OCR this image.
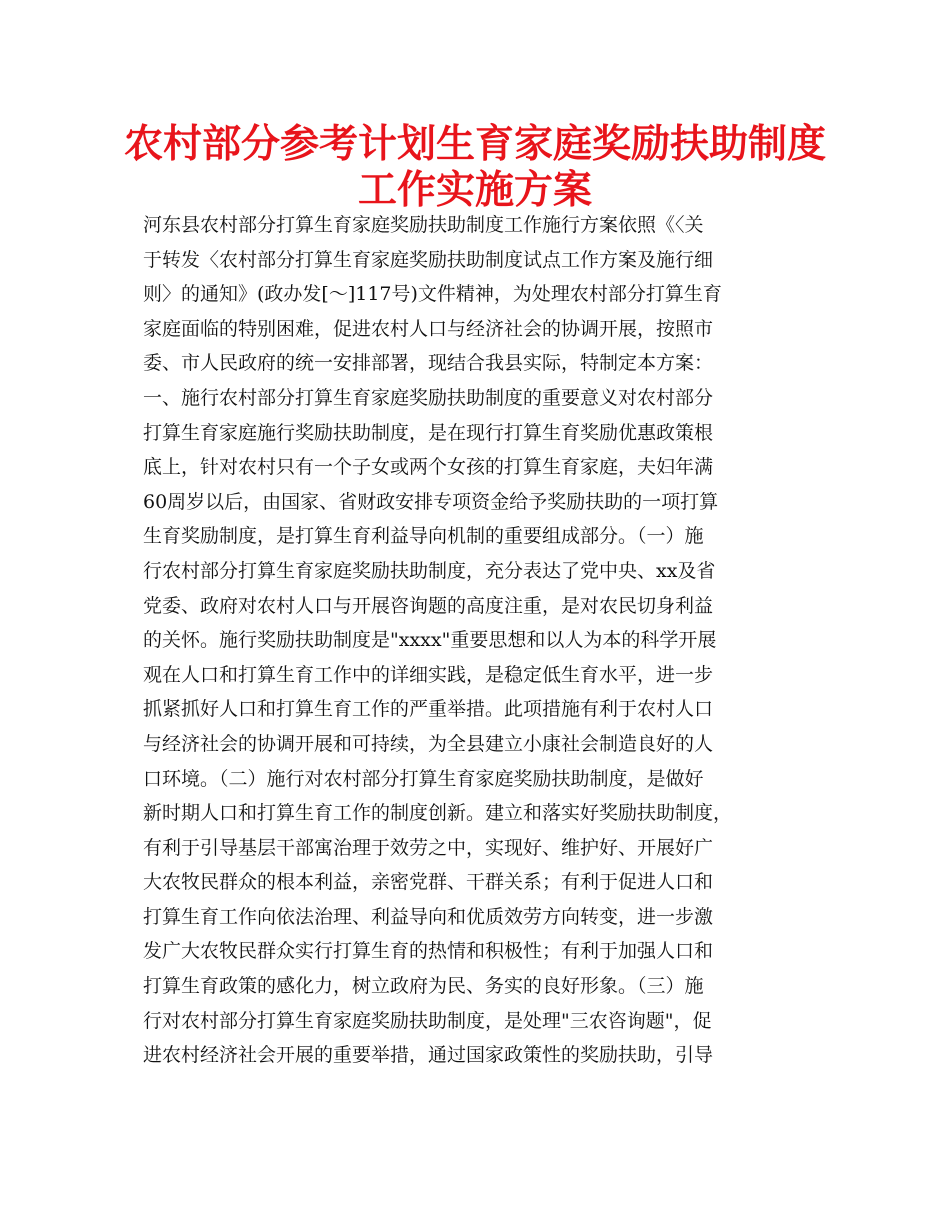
农村部分参考计划生育家庭奖励扶助制度
工作实施方案
河东县农村部分打算生育家庭奖励扶助制度工作施行方案依照《〈关
于转发〈农村部分打算生育家庭奖励扶助制度试点工作方案及施行细
则〉的通知》(政办发[～]117号)文件精神，为处理农村部分打算生育
家庭面临的特别困难，促进农村人口与经济社会的协调开展，按照市
委、市人民政府的统一安排部署，现结合我县实际，特制定本方案：
一、施行农村部分打算生育家庭奖励扶助制度的重要意义对农村部分
打算生育家庭施行奖励扶助制度，是在现行打算生育奖励优惠政策根
底上，针对农村只有一个子女或两个女孩的打算生育家庭，夫妇年满
60周岁以后，由国家、省财政安排专项资金给予奖励扶助的一项打算
生育奖励制度，是打算生育利益导向机制的重要组成部分。（一）施
行农村部分打算生育家庭奖励扶助制度，充分表达了党中央、xx及省
党委、政府对农村人口与开展咨询题的高度注重，是对农民切身利益
的关怀。施行奖励扶助制度是"xxxx"重要思想和以人为本的科学开展
观在人口和打算生育工作中的详细实践，是稳定低生育水平，进一步
抓紧抓好人口和打算生育工作的严重举措。此项措施有利于农村人口
与经济社会的协调开展和可持续，为全县建立小康社会制造良好的人
口环境。（二）施行对农村部分打算生育家庭奖励扶助制度，是做好
新时期人口和打算生育工作的制度创新。建立和落实好奖励扶助制度，
有利于引导基层干部寓治理于效劳之中，实现好、维护好、开展好广
大农牧民群众的根本利益，亲密党群、干群关系；有利于促进人口和
打算生育工作向依法治理、利益导向和优质效劳方向转变，进一步激
发广大农牧民群众实行打算生育的热情和积极性；有利于加强人口和
打算生育政策的感化力，树立政府为民、务实的良好形象。（三）施
行对农村部分打算生育家庭奖励扶助制度，是处理"三农咨询题"，促
进农村经济社会开展的重要举措，通过国家政策性的奖励扶助，引导
